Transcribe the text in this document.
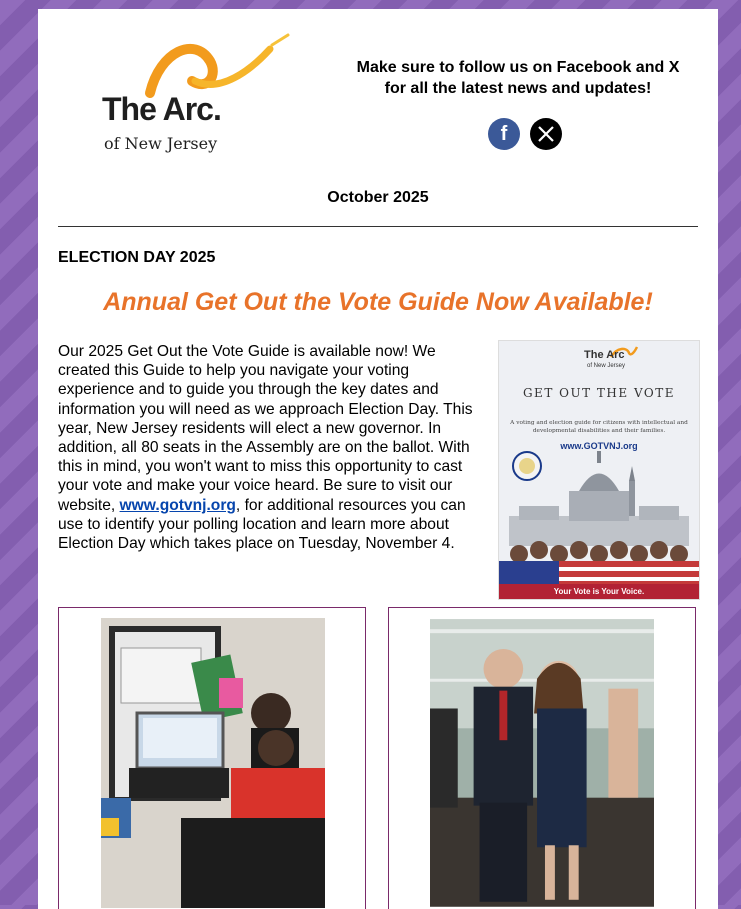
The Arc.
of New Jersey
Make sure to follow us on Facebook and X for all the latest news and updates!
f
October 2025
ELECTION DAY 2025
Annual Get Out the Vote Guide Now Available!
Our 2025 Get Out the Vote Guide is available now! We created this Guide to help you navigate your voting experience and to guide you through the key dates and information you will need as we approach Election Day. This year, New Jersey residents will elect a new governor. In addition, all 80 seats in the Assembly are on the ballot. With this in mind, you won't want to miss this opportunity to cast your vote and make your voice heard. Be sure to visit our website, www.gotvnj.org, for additional resources you can use to identify your polling location and learn more about Election Day which takes place on Tuesday, November 4.
The Arc
of New Jersey
GET OUT THE VOTE
A voting and election guide for citizens with intellectual and developmental disabilities and their families.
www.GOTVNJ.org
Your Vote is Your Voice.
